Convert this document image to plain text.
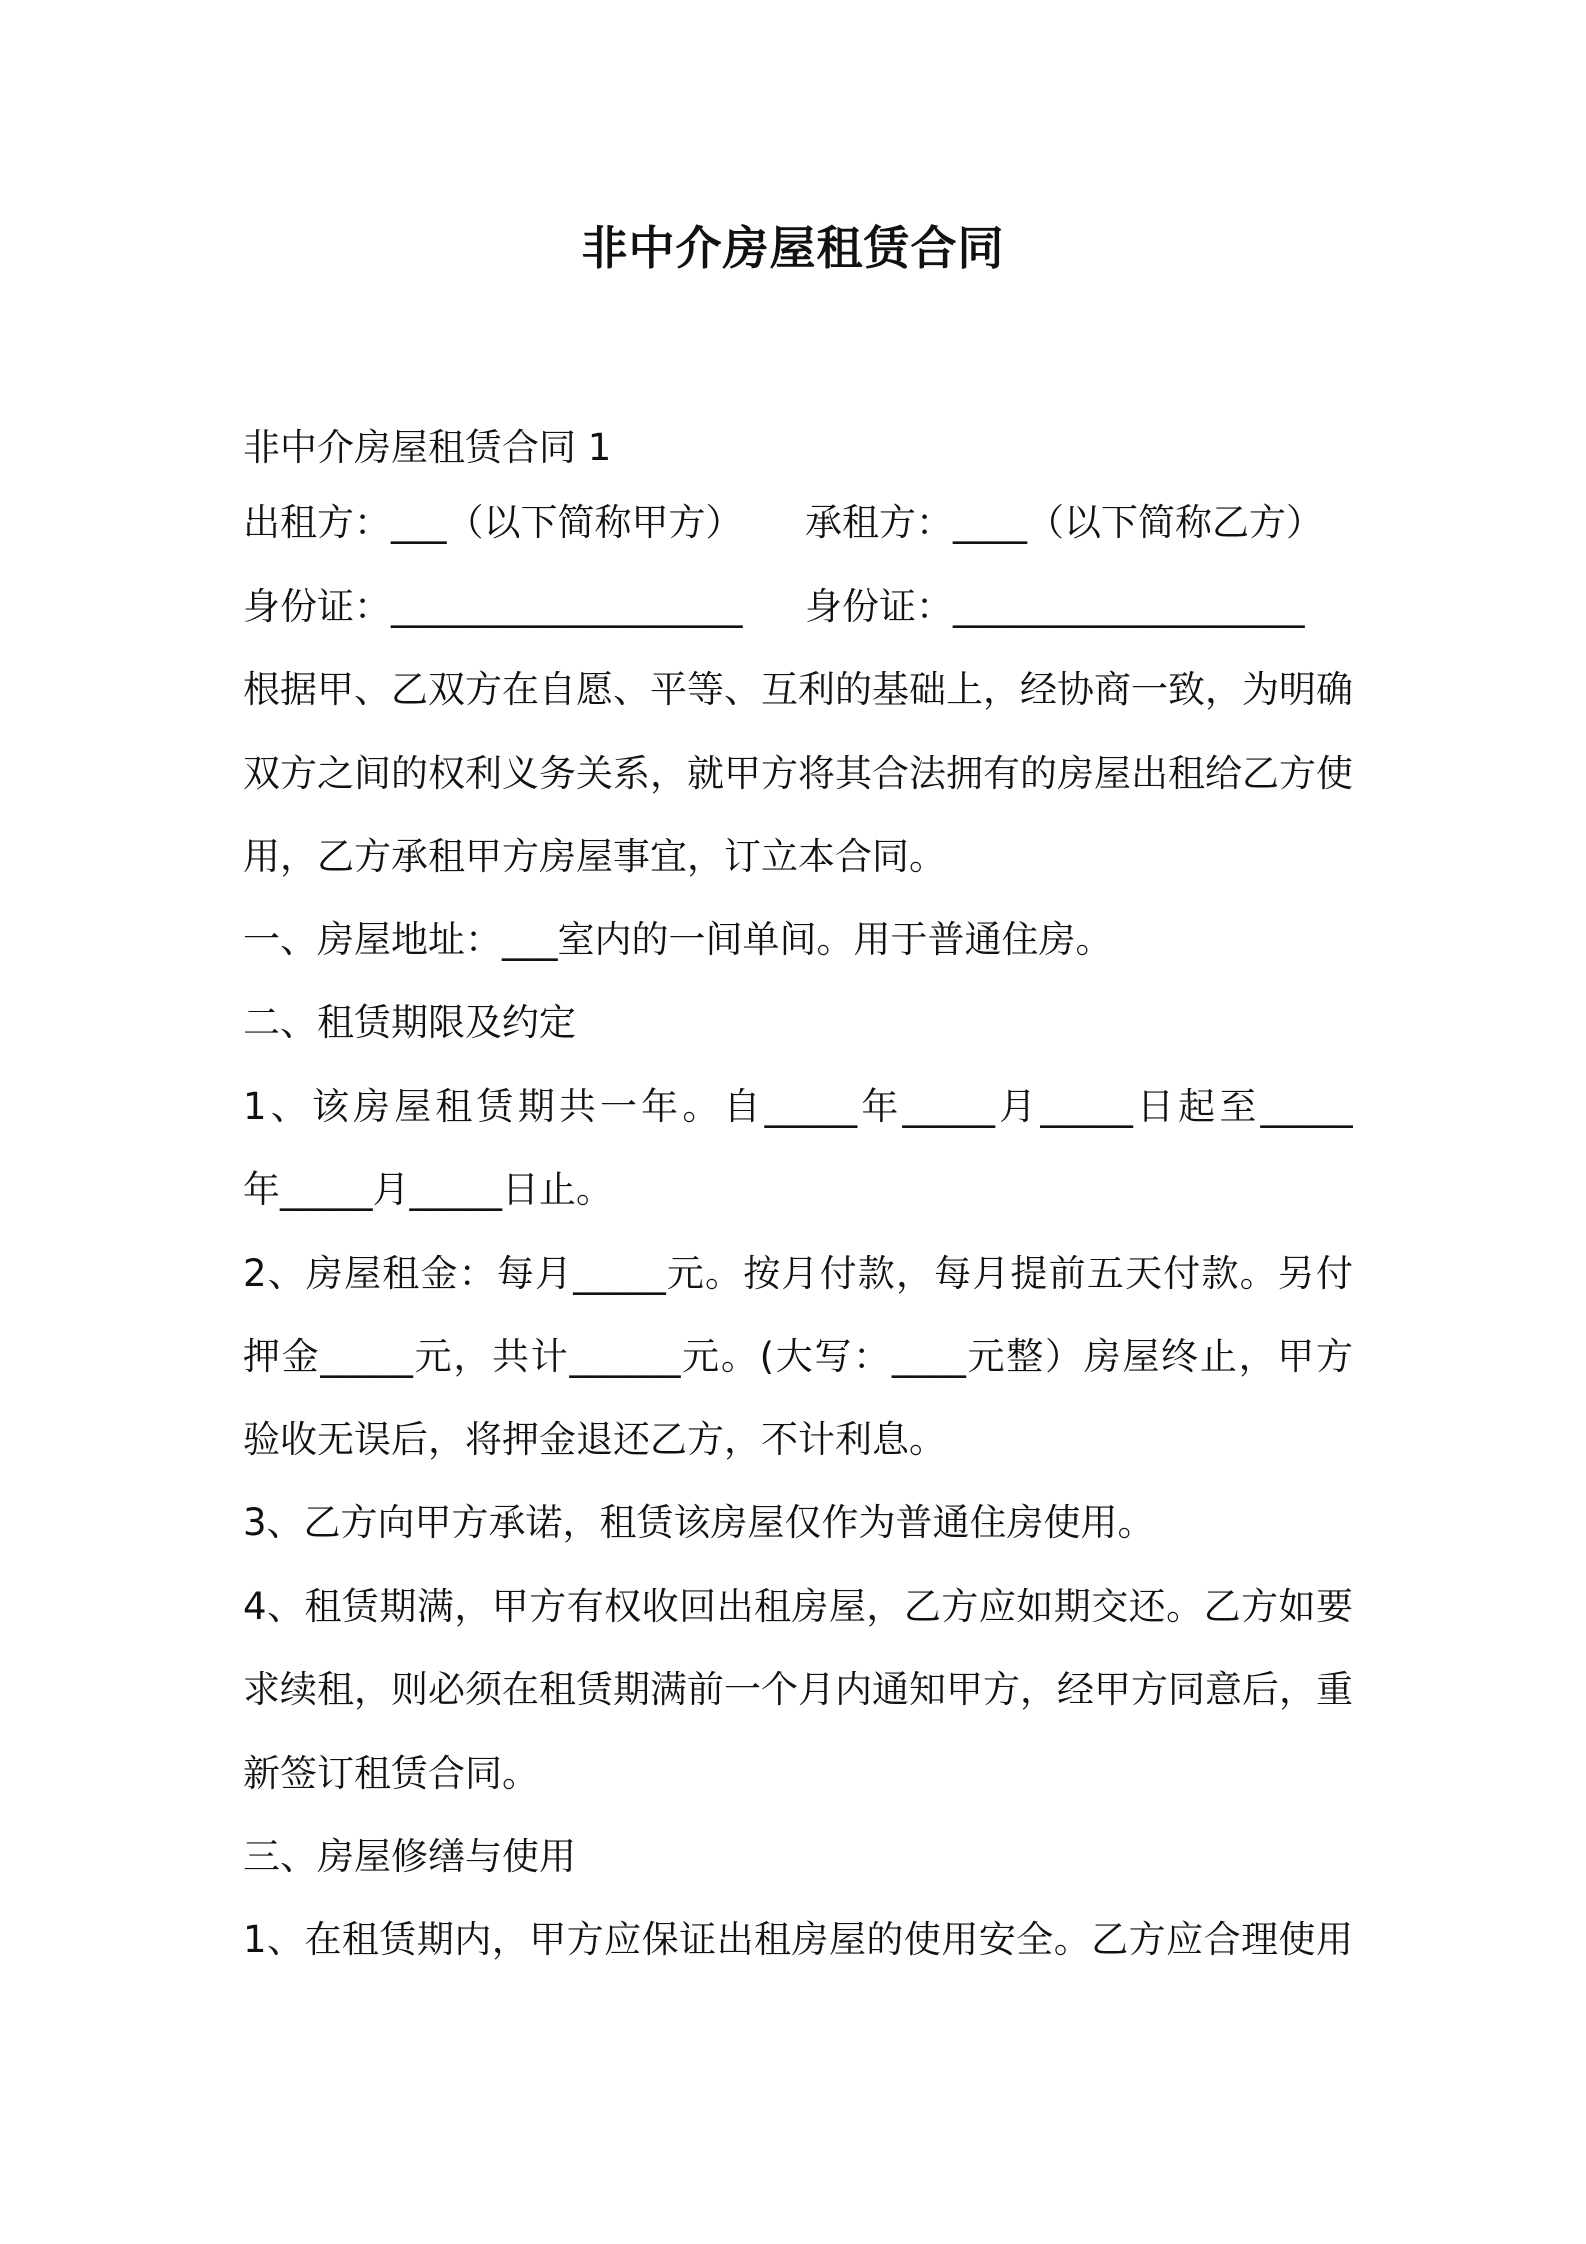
非中介房屋租赁合同
非中介房屋租赁合同 1
出租方：___（以下简称甲方） 承租方：____（以下简称乙方）
身份证：___________________ 身份证：___________________
根据甲、乙双方在自愿、平等、互利的基础上，经协商一致，为明确
双方之间的权利义务关系，就甲方将其合法拥有的房屋出租给乙方使
用，乙方承租甲方房屋事宜，订立本合同。
一、房屋地址：___室内的一间单间。用于普通住房。
二、租赁期限及约定
1、该房屋租赁期共一年。自_____年_____月_____日起至_____
年_____月_____日止。
2、房屋租金：每月_____元。按月付款，每月提前五天付款。另付
押金_____元，共计______元。(大写：____元整）房屋终止，甲方
验收无误后，将押金退还乙方，不计利息。
3、乙方向甲方承诺，租赁该房屋仅作为普通住房使用。
4、租赁期满，甲方有权收回出租房屋，乙方应如期交还。乙方如要
求续租，则必须在租赁期满前一个月内通知甲方，经甲方同意后，重
新签订租赁合同。
三、房屋修缮与使用
1、在租赁期内，甲方应保证出租房屋的使用安全。乙方应合理使用
